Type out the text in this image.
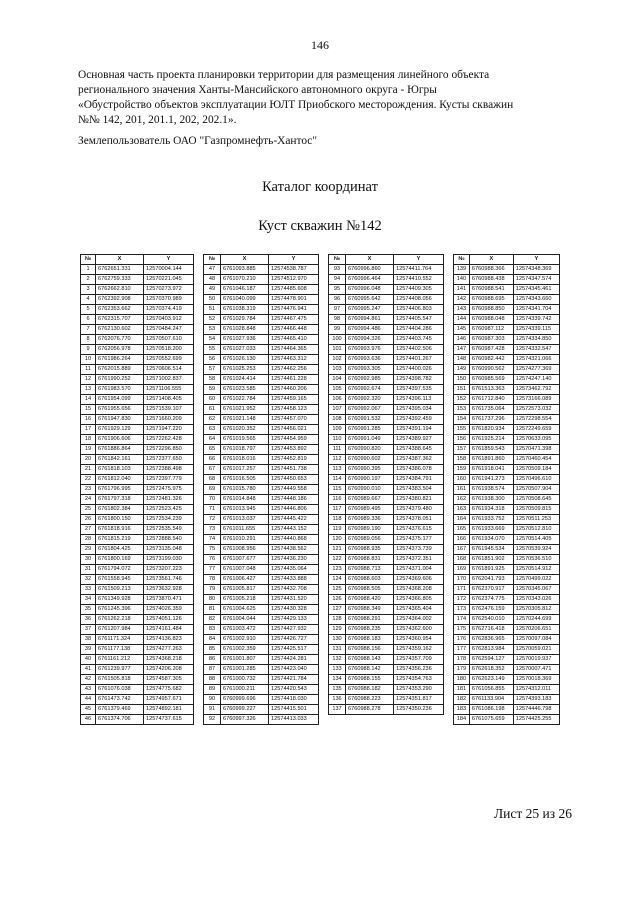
146

Основная часть проекта планировки территории для размещения линейного объекта

регионального значения Ханты-Мансийского автономного округа - Югры

«Обустройство объектов эксплуатации ЮЛТ Приобского месторождения. Кусты скважин

№№ 142, 201, 201.1, 202, 202.1».

Землепользователь ОАО "Газпромнефть-Хантос"

Каталог координат
Куст скважин №142
№	X	Y
1	6762651.331	12570004.144
2	6762759.333	12570221.045
3	6762662.810	12570273.972
4	6762392.908	12570370.989
5	6762353.662	12570374.419
6	6762315.707	12570403.912
7	6762130.602	12570484.247
8	6762076.770	12570507.610
9	6762056.978	12570518.200
10	6761986.264	12570552.699
11	6762015.889	12570606.514
12	6761990.252	12571002.837
13	6761983.570	12571106.555
14	6761954.099	12571408.405
15	6761955.656	12571539.107
16	6761947.830	12571660.209
17	6761929.129	12571947.220
18	6761906.606	12572262.428
19	6761886.864	12572296.850
20	6761842.161	12572377.650
21	6761818.103	12572388.498
22	6761812.040	12572397.779
23	6761796.995	12572475.975
24	6761797.318	12572481.326
25	6761802.384	12572523.425
26	6761800.150	12572534.239
27	6761818.916	12572535.549
28	6761815.219	12572888.540
29	6761804.425	12573135.048
30	6761800.169	12573199.030
31	6761794.072	12573207.223
32	6761558.945	12573561.746
33	6761509.213	12573632.928
34	6761349.928	12573870.471
35	6761245.396	12574026.359
36	6761262.218	12574051.126
37	6761207.984	12574161.484
38	6761171.324	12574136.823
39	6761177.138	12574277.263
40	6761161.212	12574368.218
41	6761239.977	12574206.208
42	6761505.818	12574587.305
43	6761076.038	12574775.682
44	6761473.742	12574957.671
45	6761379.469	12574892.181
46	6761374.706	12574737.615
№	X	Y
47	6761093.885	12574538.787
48	6761070.210	12574512.970
49	6761046.187	12574485.608
50	6761040.099	12574478.901
51	6761038.319	12574476.941
52	6761029.784	12574467.475
53	6761028.848	12574466.448
54	6761027.936	12574465.410
55	6761027.033	12574464.365
56	6761026.130	12574463.312
57	6761025.253	12574462.256
58	6761024.414	12574461.228
59	6761023.585	12574460.206
60	6761022.784	12574459.165
61	6761021.952	12574458.123
62	6761021.148	12574457.070
63	6761020.352	12574456.021
64	6761019.565	12574454.959
65	6761018.797	12574453.892
66	6761018.016	12574452.819
67	6761017.257	12574451.738
68	6761016.505	12574450.653
69	6761015.780	12574449.558
70	6761014.848	12574448.186
71	6761013.945	12574446.806
72	6761013.037	12574445.422
73	6761011.655	12574443.152
74	6761010.291	12574440.868
75	6761008.956	12574438.562
76	6761007.677	12574436.230
77	6761007.048	12574435.064
78	6761006.427	12574433.888
79	6761005.817	12574432.708
80	6761005.218	12574431.520
81	6761004.625	12574430.328
82	6761004.044	12574429.133
83	6761003.472	12574427.932
84	6761002.910	12574426.727
85	6761002.359	12574425.517
86	6761001.807	12574424.281
87	6761001.285	12574423.040
88	6761000.732	12574421.784
89	6761000.211	12574420.543
90	6760999.696	12574418.030
91	6760999.227	12574415.501
92	6760997.326	12574413.033
№	X	Y
93	6760996.860	12574411.764
94	6760996.464	12574410.552
95	6760996.048	12574409.305
96	6760995.642	12574408.056
97	6760995.247	12574406.803
98	6760994.861	12574405.547
99	6760994.486	12574404.286
100	6760994.326	12574403.745
101	6760993.976	12574402.506
102	6760993.636	12574401.267
103	6760993.305	12574400.026
104	6760992.985	12574398.782
105	6760992.674	12574397.535
106	6760992.320	12574396.113
107	6760992.067	12574395.034
108	6760991.532	12574392.459
109	6760991.285	12574391.194
110	6760991.049	12574389.927
111	6760990.820	12574388.645
112	6760990.602	12574387.362
113	6760990.395	12574386.078
114	6760990.197	12574384.791
115	6760990.010	12574383.504
116	6760989.667	12574380.821
117	6760989.495	12574379.480
118	6760989.336	12574378.051
119	6760989.190	12574376.615
120	6760989.056	12574375.177
121	6760988.935	12574373.739
122	6760988.831	12574372.351
123	6760988.713	12574371.004
124	6760988.603	12574369.606
125	6760988.505	12574368.208
126	6760988.420	12574366.805
127	6760988.349	12574365.404
128	6760988.291	12574364.002
129	6760988.235	12574362.600
130	6760988.183	12574360.954
131	6760988.156	12574359.162
132	6760988.143	12574357.709
133	6760988.142	12574356.236
134	6760988.155	12574354.763
135	6760988.182	12574353.290
136	6760988.223	12574351.817
137	6760988.278	12574350.236
№	X	Y
139	6760988.366	12574348.369
140	6760988.438	12574347.574
141	6760988.541	12574345.461
142	6760988.695	12574343.660
143	6760988.850	12574341.704
144	6760988.048	12574339.742
145	6760987.112	12574339.115
146	6760987.303	12574334.850
147	6760987.428	12574332.547
148	6760982.442	12574321.066
149	6760990.562	12574277.369
150	6760985.569	12574247.140
151	6761513.363	12573462.792
152	6761712.840	12573166.089
153	6761735.064	12572573.032
154	6761737.296	12572298.554
155	6761820.934	12572249.659
156	6761925.214	12570633.095
157	6761859.543	12570471.398
158	6761891.860	12570460.454
159	6761918.041	12570509.184
160	6761941.273	12570496.610
161	6761938.574	12570507.904
162	6761938.300	12570508.645
163	6761934.318	12570509.815
164	6761933.752	12570511.253
165	6761933.669	12570512.810
166	6761934.070	12570514.405
167	6761945.534	12570539.924
168	6761851.902	12570536.510
169	6761891.925	12570514.912
170	6762041.793	12570499.022
171	6762370.917	12570345.067
172	6762374.775	12570343.026
173	6762476.159	12570305.812
174	6762540.010	12570244.699
175	6762716.418	12570206.651
176	6762836.965	12570097.084
177	6762813.984	12570059.021
178	6762594.127	12570019.937
179	6762618.352	12570007.471
180	6762623.149	12570018.369
181	6761056.855	12574312.011
182	6761133.904	12574393.183
183	6761086.198	12574446.798
184	6761075.659	12574425.255
Лист 25 из 26
